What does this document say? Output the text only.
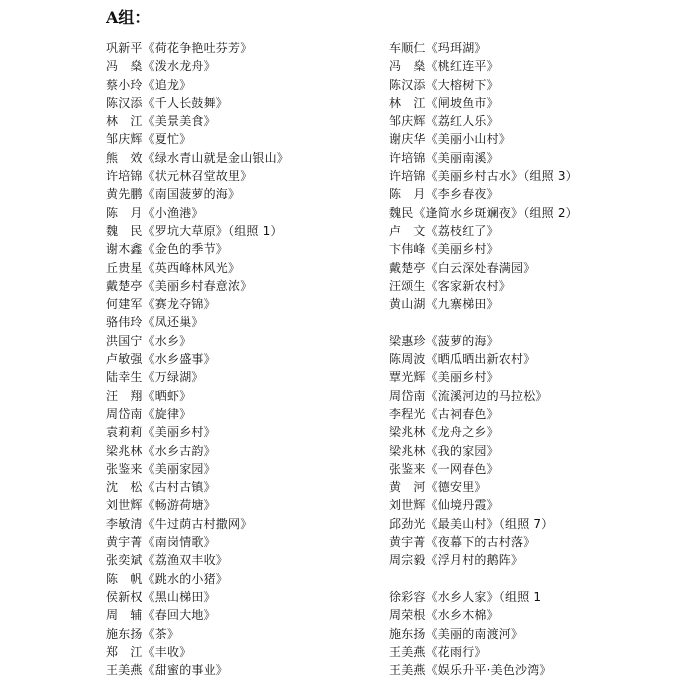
A组：
巩新平《荷花争艳吐芬芳》
冯　燊《泼水龙舟》
蔡小玲《追龙》
陈汉添《千人长鼓舞》
林　江《美景美食》
邹庆辉《夏忙》
熊　效《绿水青山就是金山银山》
许培锦《状元林召堂故里》
黄先鹏《南国菠萝的海》
陈　月《小渔港》
魏　民《罗坑大草原》（组照 1）
谢木鑫《金色的季节》
丘贵星《英西峰林风光》
戴楚亭《美丽乡村春意浓》
何建军《赛龙夺锦》
骆伟玲《凤还巢》
洪国宁《水乡》
卢敏强《水乡盛事》
陆幸生《万绿湖》
汪　翔《晒虾》
周岱南《旋律》
袁莉莉《美丽乡村》
梁兆林《水乡古韵》
张鉴来《美丽家园》
沈　松《古村古镇》
刘世辉《畅游荷塘》
李敏清《牛过荫古村撒网》
黄宇菁《南岗情歌》
张奕斌《荔渔双丰收》
陈　帆《跳水的小猪》
侯新权《黑山梯田》
周　辅《春回大地》
施东扬《茶》
郑　江《丰收》
王美燕《甜蜜的事业》
车顺仁《玛珥湖》
冯　燊《桃红连平》
陈汉添《大榕树下》
林　江《闸坡鱼市》
邹庆辉《荔红人乐》
谢庆华《美丽小山村》
许培锦《美丽南溪》
许培锦《美丽乡村古水》（组照 3）
陈　月《李乡春夜》
魏民《逢简水乡斑斓夜》（组照 2）
卢　文《荔枝红了》
卞伟峰《美丽乡村》
戴楚亭《白云深处春满园》
汪颂生《客家新农村》
黄山湖《九寨梯田》
梁惠珍《菠萝的海》
陈周波《晒瓜晒出新农村》
覃光辉《美丽乡村》
周岱南《流溪河边的马拉松》
李程光《古祠春色》
梁兆林《龙舟之乡》
梁兆林《我的家园》
张鉴来《一网春色》
黄　河《德安里》
刘世辉《仙境丹霞》
邱劲光《最美山村》（组照 7）
黄宇菁《夜幕下的古村落》
周宗毅《浮月村的鹅阵》
徐彩容《水乡人家》（组照 1
周荣根《水乡木棉》
施东扬《美丽的南渡河》
王美燕《花雨行》
王美燕《娱乐升平·美色沙湾》
